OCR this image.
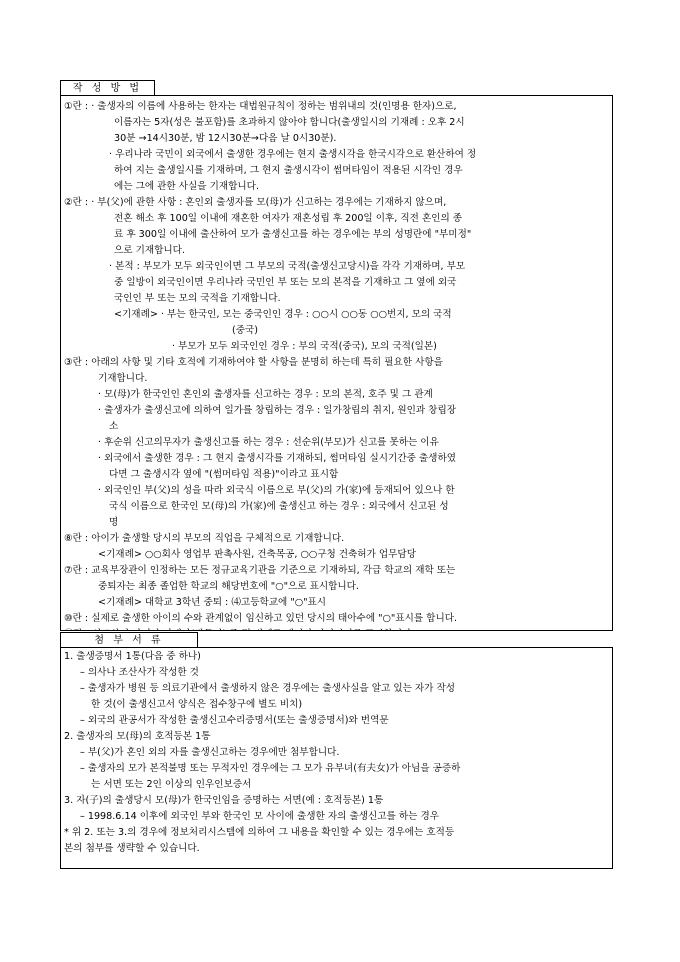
작 성 방 법
①란 : · 출생자의 이름에 사용하는 한자는 대법원규칙이 정하는 범위내의 것(인명용 한자)으로,
이름자는 5자(성은 불포함)를 초과하지 않아야 합니다(출생일시의 기재례 : 오후 2시
30분 →14시30분, 밤 12시30분→다음 날 0시30분).
· 우리나라 국민이 외국에서 출생한 경우에는 현지 출생시각을 한국시각으로 환산하여 정
하여 지는 출생일시를 기재하며, 그 현지 출생시각이 썸머타임이 적용된 시각인 경우
에는 그에 관한 사실을 기재합니다.
②란 : · 부(父)에 관한 사항 : 혼인외 출생자를 모(母)가 신고하는 경우에는 기재하지 않으며,
전혼 해소 후 100일 이내에 재혼한 여자가 재혼성립 후 200일 이후, 직전 혼인의 종
료 후 300일 이내에 출산하여 모가 출생신고를 하는 경우에는 부의 성명란에 "부미정"
으로 기재합니다.
· 본적 : 부모가 모두 외국인이면 그 부모의 국적(출생신고당시)을 각각 기재하며, 부모
중 일방이 외국인이면 우리나라 국민인 부 또는 모의 본적을 기재하고 그 옆에 외국
국인인 부 또는 모의 국적을 기재합니다.
<기재례> · 부는 한국인, 모는 중국인인 경우 : ○○시 ○○동 ○○번지, 모의 국적
(중국)
· 부모가 모두 외국인인 경우 : 부의 국적(중국), 모의 국적(일본)
③란 : 아래의 사항 및 기타 호적에 기재하여야 할 사항을 분명히 하는데 특히 필요한 사항을
기재합니다.
· 모(母)가 한국인인 혼인외 출생자를 신고하는 경우 : 모의 본적, 호주 및 그 관계
· 출생자가 출생신고에 의하여 일가를 창립하는 경우 : 일가창립의 취지, 원인과 창립장
소
· 후순위 신고의무자가 출생신고를 하는 경우 : 선순위(부모)가 신고를 못하는 이유
· 외국에서 출생한 경우 : 그 현지 출생시각를 기재하되, 썸머타임 실시기간중 출생하였
다면 그 출생시각 옆에 "(썸머타임 적용)"이라고 표시함
· 외국인인 부(父)의 성을 따라 외국식 이름으로 부(父)의 가(家)에 등재되어 있으나 한
국식 이름으로 한국인 모(母)의 가(家)에 출생신고 하는 경우 : 외국에서 신고된 성
명
⑧란 : 아이가 출생할 당시의 부모의 직업을 구체적으로 기재합니다.
<기재례> ○○회사 영업부 판촉사원, 건축목공, ○○구청 건축허가 업무담당
⑦란 : 교육부장관이 인정하는 모든 정규교육기관을 기준으로 기재하되, 각급 학교의 재학 또는
중퇴자는 최종 졸업한 학교의 해당번호에 "○"으로 표시합니다.
<기재례> 대학교 3학년 중퇴 : ⑷고등학교에 "○"표시
⑩란 : 실제로 출생한 아이의 수와 관계없이 임신하고 있던 당시의 태아수에 "○"표시를 합니다.
첨 부 서 류
1. 출생증명서 1통(다음 중 하나)
– 의사나 조산사가 작성한 것
– 출생자가 병원 등 의료기관에서 출생하지 않은 경우에는 출생사실을 알고 있는 자가 작성
한 것(이 출생신고서 양식은 접수창구에 별도 비치)
– 외국의 관공서가 작성한 출생신고수리증명서(또는 출생증명서)와 번역문
2. 출생자의 모(母)의 호적등본 1통
– 부(父)가 혼인 외의 자를 출생신고하는 경우에만 첨부합니다.
– 출생자의 모가 본적불명 또는 무적자인 경우에는 그 모가 유부녀(有夫女)가 아님을 공증하
는 서면 또는 2인 이상의 인우인보증서
3. 자(子)의 출생당시 모(母)가 한국인임을 증명하는 서면(예 : 호적등본) 1통
– 1998.6.14 이후에 외국인 부와 한국인 모 사이에 출생한 자의 출생신고를 하는 경우
* 위 2. 또는 3.의 경우에 정보처리시스템에 의하여 그 내용을 확인할 수 있는 경우에는 호적등
본의 첨부를 생략할 수 있습니다.
